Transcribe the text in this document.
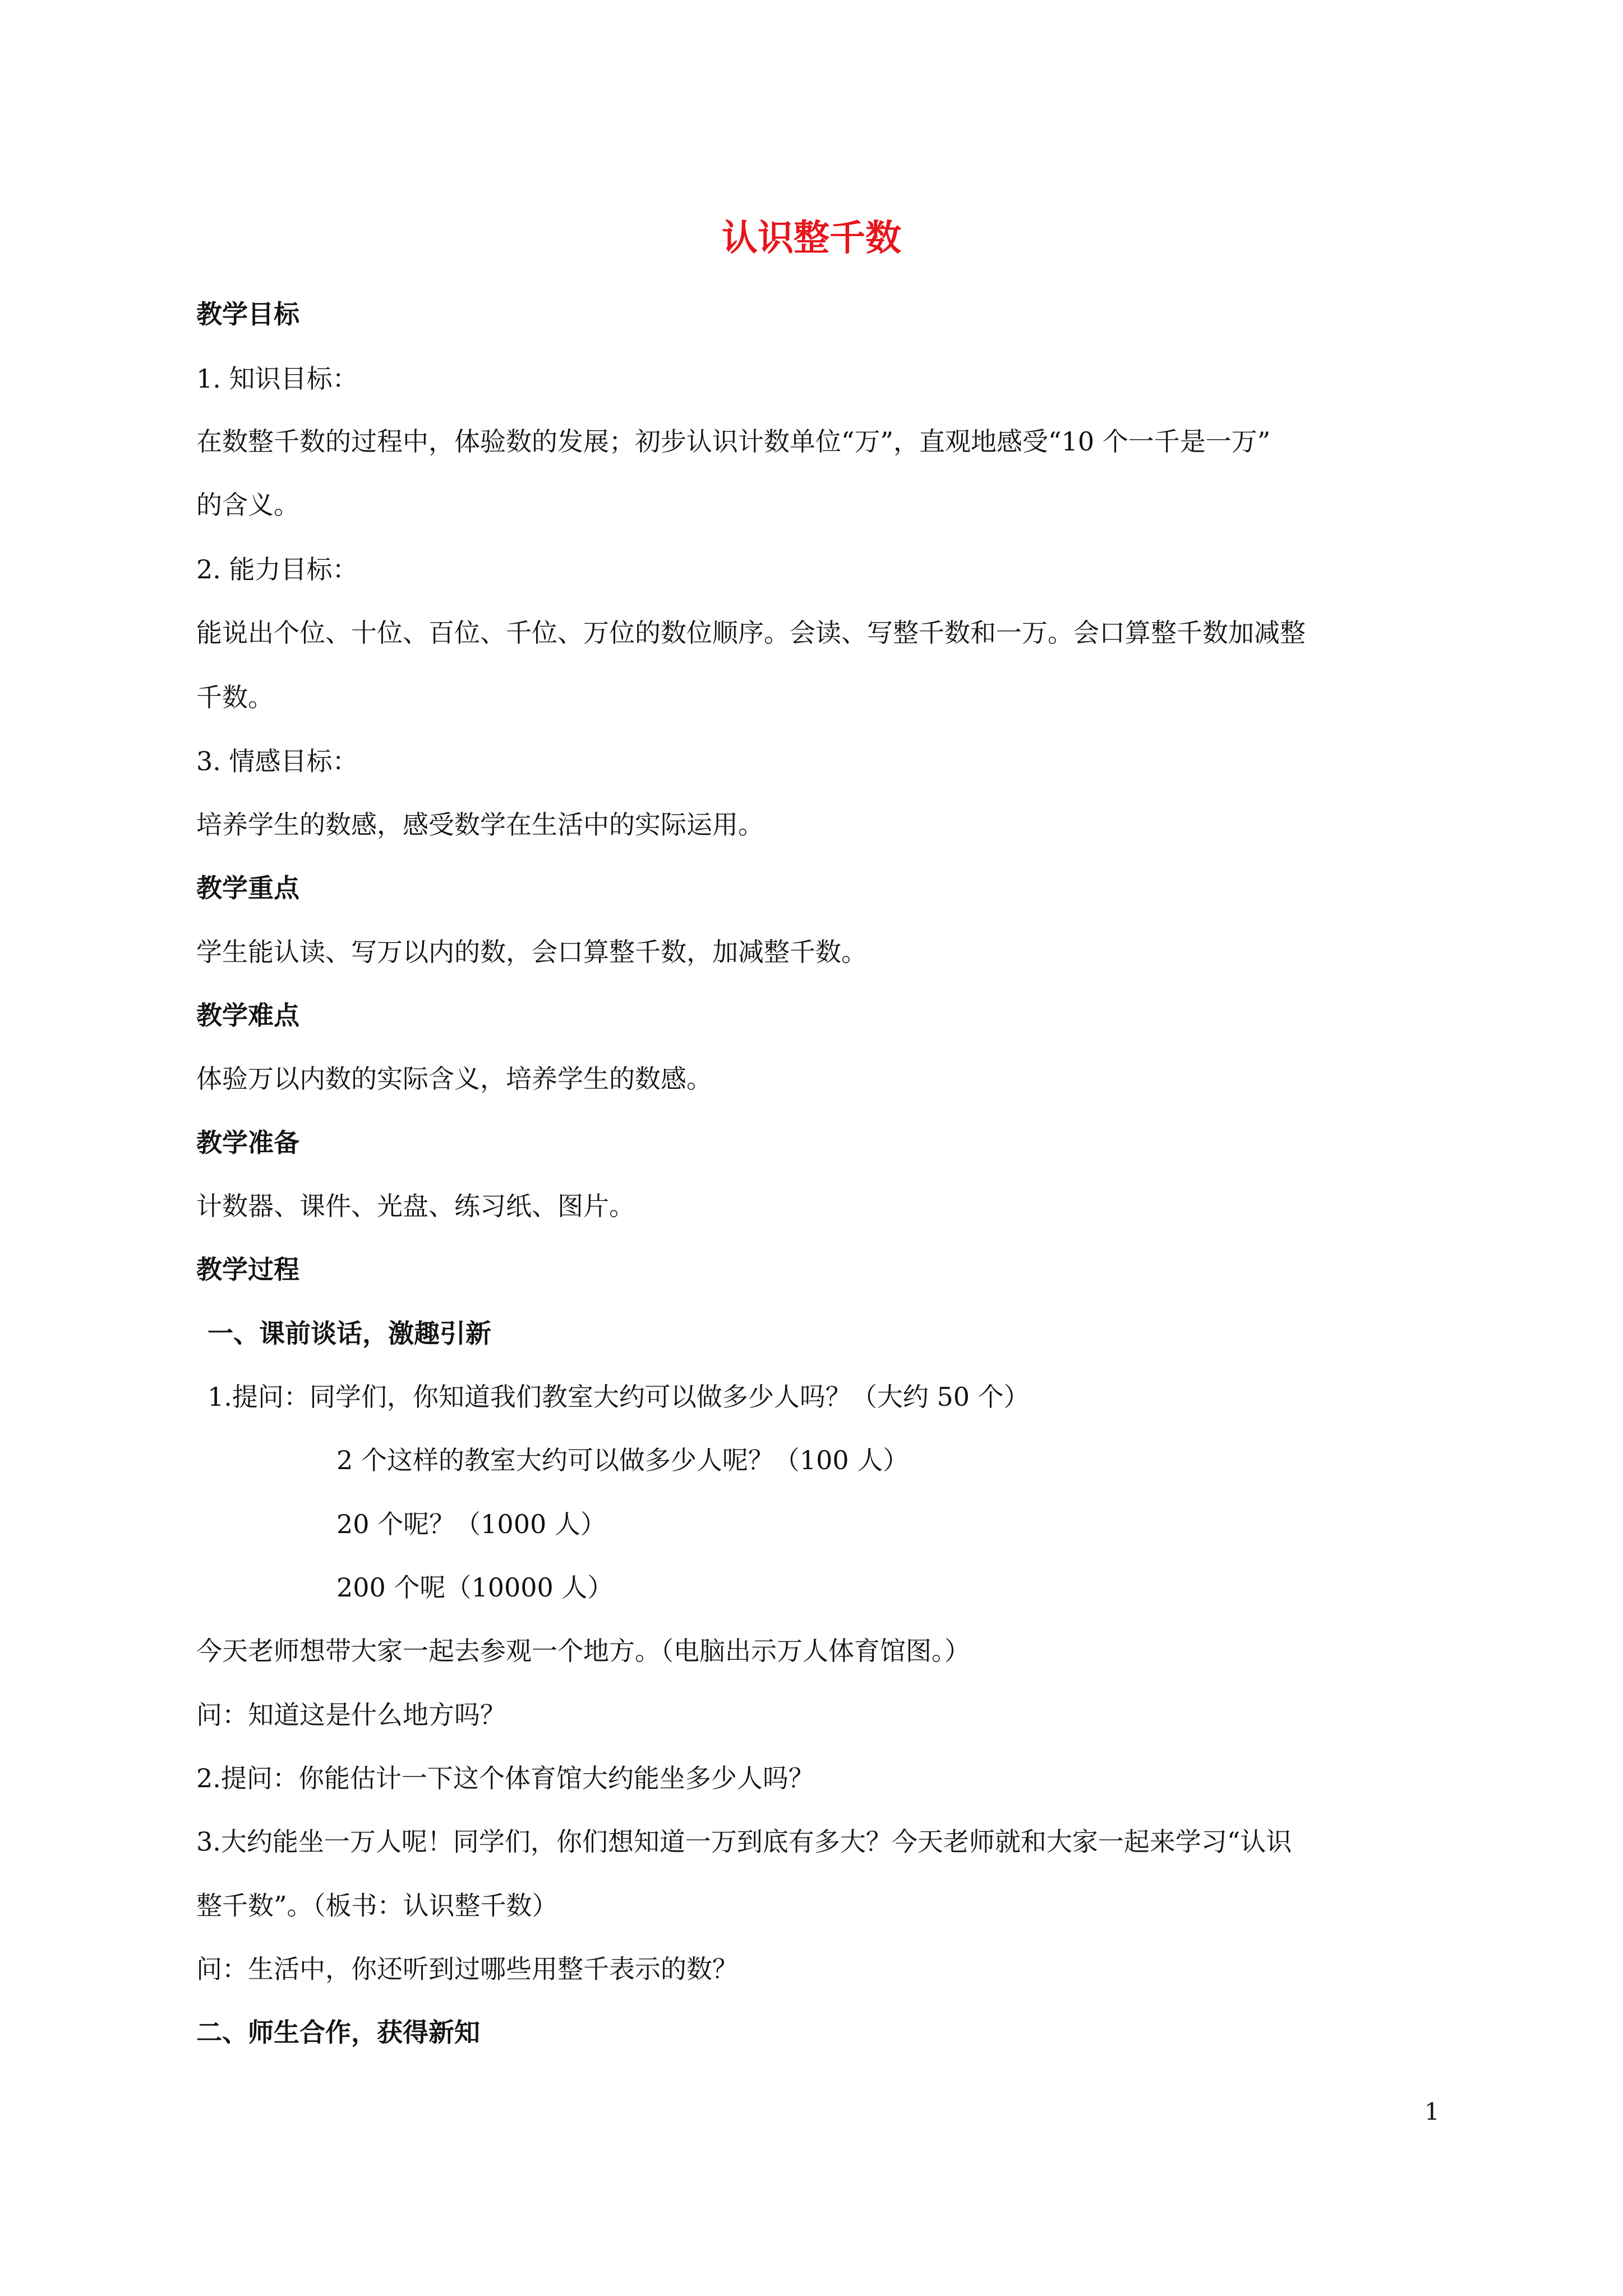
认识整千数
教学目标
1. 知识目标：
在数整千数的过程中，体验数的发展；初步认识计数单位“万”，直观地感受“10 个一千是一万”
的含义。
2. 能力目标：
能说出个位、十位、百位、千位、万位的数位顺序。会读、写整千数和一万。会口算整千数加减整
千数。
3. 情感目标：
培养学生的数感，感受数学在生活中的实际运用。
教学重点
学生能认读、写万以内的数，会口算整千数，加减整千数。
教学难点
体验万以内数的实际含义，培养学生的数感。
教学准备
计数器、课件、光盘、练习纸、图片。
教学过程
一、课前谈话，激趣引新
1.提问：同学们，你知道我们教室大约可以做多少人吗？（大约 50 个）
2 个这样的教室大约可以做多少人呢？（100 人）
20 个呢？（1000 人）
200 个呢（10000 人）
今天老师想带大家一起去参观一个地方。（电脑出示万人体育馆图。）
问：知道这是什么地方吗？
2.提问：你能估计一下这个体育馆大约能坐多少人吗？
3.大约能坐一万人呢！同学们，你们想知道一万到底有多大？今天老师就和大家一起来学习“认识
整千数”。（板书：认识整千数）
问：生活中，你还听到过哪些用整千表示的数？
二、师生合作，获得新知
1
